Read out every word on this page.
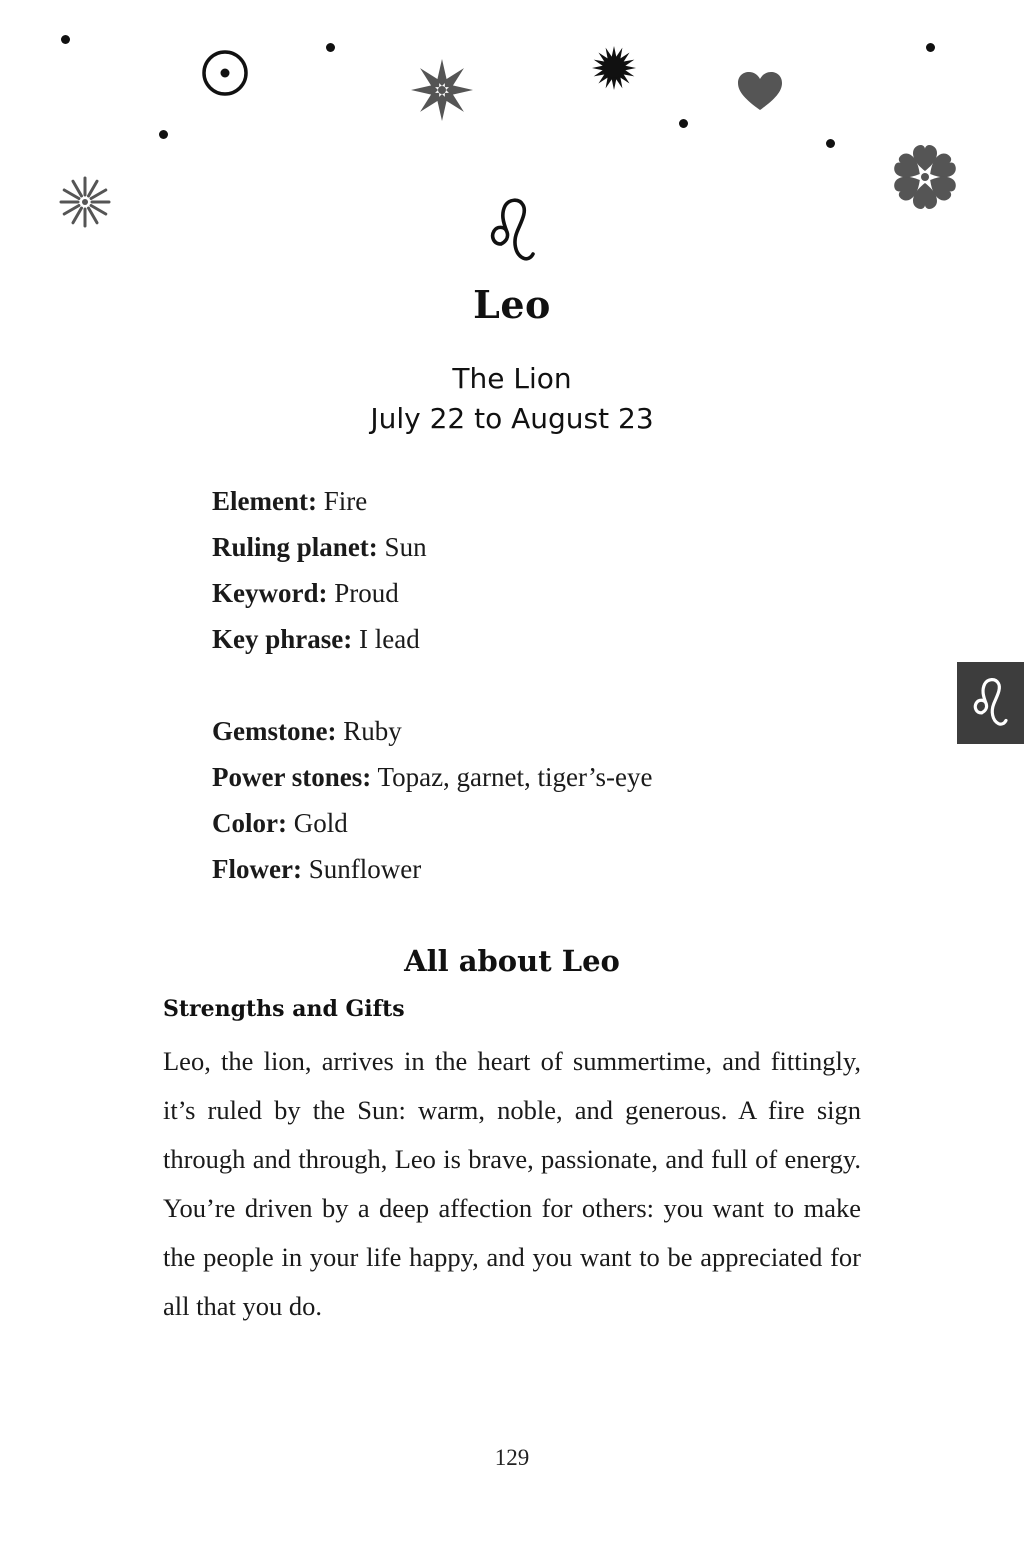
Leo
The Lion
July 22 to August 23
Element: Fire
Ruling planet: Sun
Keyword: Proud
Key phrase: I lead
Gemstone: Ruby
Power stones: Topaz, garnet, tiger’s-eye
Color: Gold
Flower: Sunflower
All about Leo
Strengths and Gifts

Leo, the lion, arrives in the heart of summertime, and fittingly, it’s ruled by the Sun: warm, noble, and generous. A fire sign through and through, Leo is brave, passionate, and full of energy. You’re driven by a deep affection for others: you want to make the people in your life happy, and you want to be appreciated for all that you do.

129
